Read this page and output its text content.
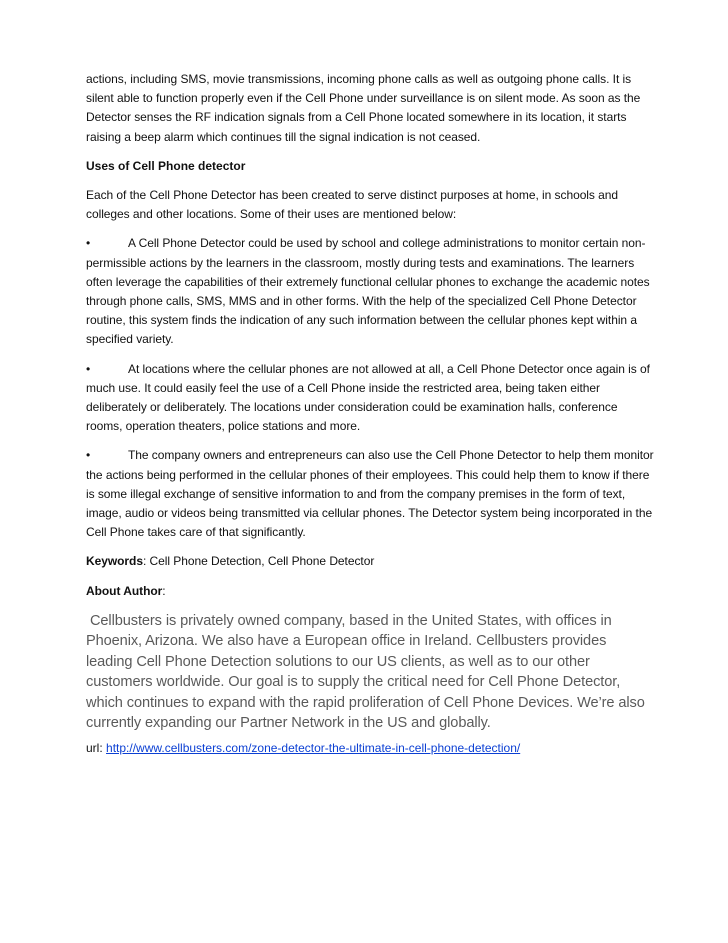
actions, including SMS, movie transmissions, incoming phone calls as well as outgoing phone calls. It is silent able to function properly even if the Cell Phone under surveillance is on silent mode. As soon as the Detector senses the RF indication signals from a Cell Phone located somewhere in its location, it starts raising a beep alarm which continues till the signal indication is not ceased.

Uses of Cell Phone detector

Each of the Cell Phone Detector has been created to serve distinct purposes at home, in schools and colleges and other locations. Some of their uses are mentioned below:

•	A Cell Phone Detector could be used by school and college administrations to monitor certain non-permissible actions by the learners in the classroom, mostly during tests and examinations. The learners often leverage the capabilities of their extremely functional cellular phones to exchange the academic notes through phone calls, SMS, MMS and in other forms. With the help of the specialized Cell Phone Detector routine, this system finds the indication of any such information between the cellular phones kept within a specified variety.

•	At locations where the cellular phones are not allowed at all, a Cell Phone Detector once again is of much use. It could easily feel the use of a Cell Phone inside the restricted area, being taken either deliberately or deliberately. The locations under consideration could be examination halls, conference rooms, operation theaters, police stations and more.

•	The company owners and entrepreneurs can also use the Cell Phone Detector to help them monitor the actions being performed in the cellular phones of their employees. This could help them to know if there is some illegal exchange of sensitive information to and from the company premises in the form of text, image, audio or videos being transmitted via cellular phones. The Detector system being incorporated in the Cell Phone takes care of that significantly.

Keywords: Cell Phone Detection, Cell Phone Detector

About Author:

Cellbusters is privately owned company, based in the United States, with offices in Phoenix, Arizona. We also have a European office in Ireland. Cellbusters provides leading Cell Phone Detection solutions to our US clients, as well as to our other customers worldwide. Our goal is to supply the critical need for Cell Phone Detector, which continues to expand with the rapid proliferation of Cell Phone Devices. We’re also currently expanding our Partner Network in the US and globally.

url: http://www.cellbusters.com/zone-detector-the-ultimate-in-cell-phone-detection/
